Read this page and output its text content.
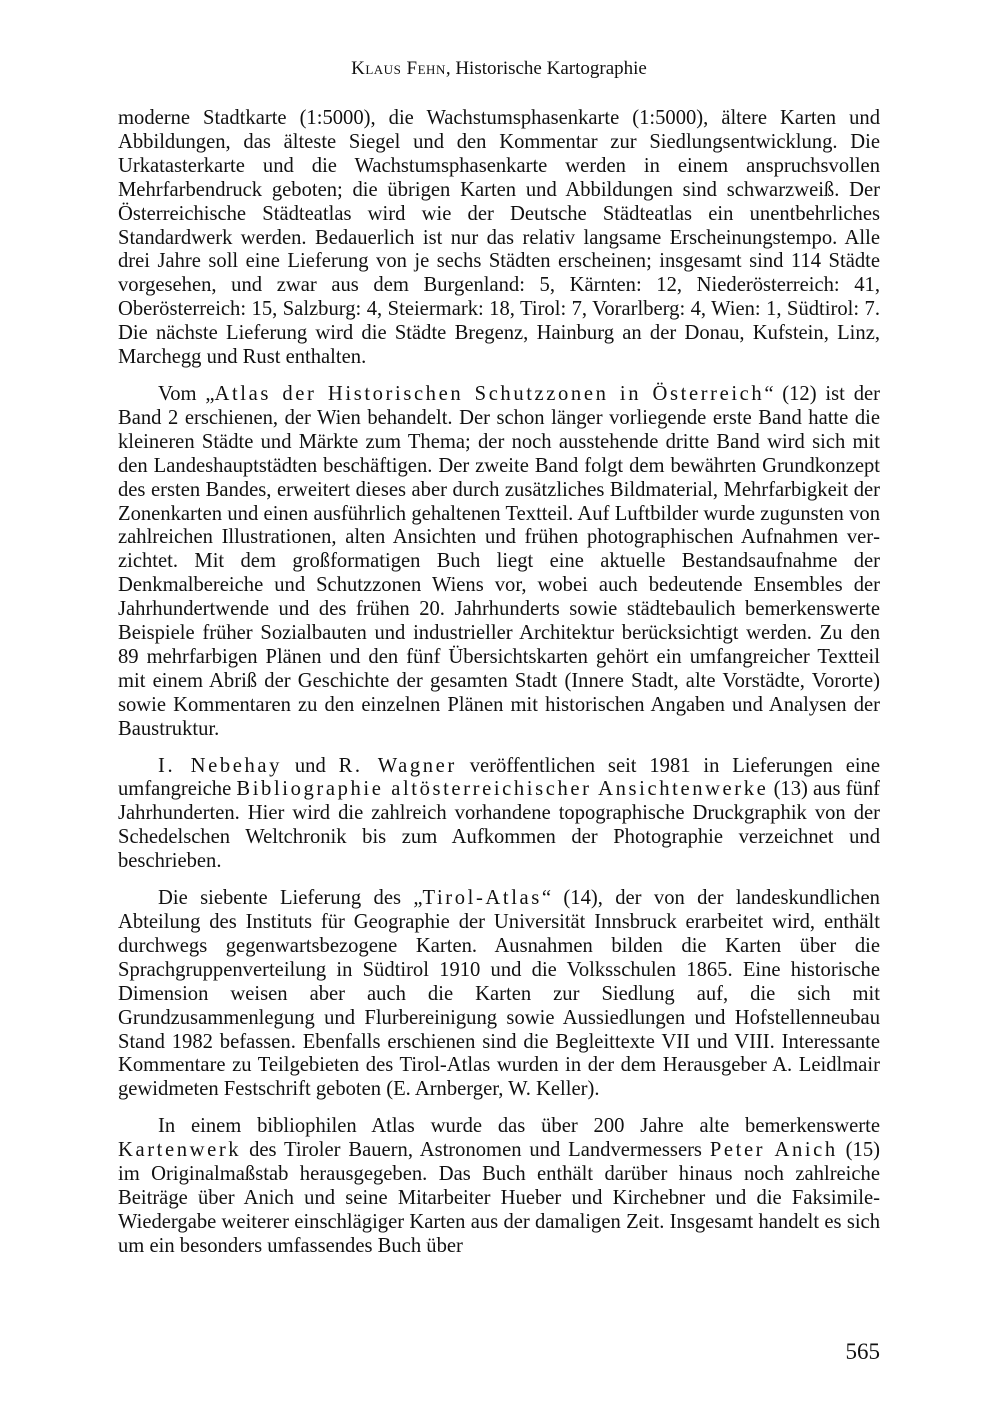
Klaus Fehn, Historische Kartographie

moderne Stadtkarte (1:5000), die Wachstumsphasenkarte (1:5000), ältere Karten und Abbildungen, das älteste Siegel und den Kommentar zur Siedlungsentwicklung. Die Urkatasterkarte und die Wachstumsphasenkarte werden in einem anspruchsvollen Mehrfarbendruck geboten; die übrigen Karten und Abbildungen sind schwarzweiß. Der Österreichische Städteatlas wird wie der Deutsche Städteatlas ein unentbehrliches Standardwerk werden. Bedauerlich ist nur das relativ langsame Erscheinungstempo. Alle drei Jahre soll eine Lieferung von je sechs Städten erscheinen; insgesamt sind 114 Städte vorgesehen, und zwar aus dem Burgenland: 5, Kärnten: 12, Niederösterreich: 41, Oberösterreich: 15, Salzburg: 4, Steiermark: 18, Tirol: 7, Vorarlberg: 4, Wien: 1, Südtirol: 7. Die nächste Lieferung wird die Städte Bregenz, Hainburg an der Donau, Kufstein, Linz, Marchegg und Rust enthalten.

Vom „Atlas der Historischen Schutzzonen in Österreich“ (12) ist der Band 2 erschienen, der Wien behandelt. Der schon länger vorliegende erste Band hatte die kleineren Städte und Märkte zum Thema; der noch ausstehende dritte Band wird sich mit den Landeshauptstädten beschäftigen. Der zweite Band folgt dem bewährten Grundkonzept des ersten Bandes, erweitert dieses aber durch zusätzliches Bildmaterial, Mehrfarbigkeit der Zonenkarten und einen ausführlich gehaltenen Textteil. Auf Luftbilder wurde zugunsten von zahlreichen Illustrationen, alten Ansichten und frühen photographischen Aufnahmen verzichtet. Mit dem großformatigen Buch liegt eine aktuelle Bestandsaufnahme der Denkmalbereiche und Schutzzonen Wiens vor, wobei auch bedeutende Ensembles der Jahrhundertwende und des frühen 20. Jahrhunderts sowie städtebaulich bemerkenswerte Beispiele früher Sozialbauten und industrieller Architektur berücksichtigt werden. Zu den 89 mehrfarbigen Plänen und den fünf Übersichtskarten gehört ein umfangreicher Textteil mit einem Abriß der Geschichte der gesamten Stadt (Innere Stadt, alte Vorstädte, Vororte) sowie Kommentaren zu den einzelnen Plänen mit historischen Angaben und Analysen der Baustruktur.

I. Nebehay und R. Wagner veröffentlichen seit 1981 in Lieferungen eine umfangreiche Bibliographie altösterreichischer Ansichtenwerke (13) aus fünf Jahrhunderten. Hier wird die zahlreich vorhandene topographische Druckgraphik von der Schedelschen Weltchronik bis zum Aufkommen der Photographie verzeichnet und beschrieben.

Die siebente Lieferung des „Tirol-Atlas“ (14), der von der landeskundlichen Abteilung des Instituts für Geographie der Universität Innsbruck erarbeitet wird, enthält durchwegs gegenwartsbezogene Karten. Ausnahmen bilden die Karten über die Sprachgruppenverteilung in Südtirol 1910 und die Volksschulen 1865. Eine historische Dimension weisen aber auch die Karten zur Siedlung auf, die sich mit Grundzusammenlegung und Flurbereinigung sowie Aussiedlungen und Hofstellenneubau Stand 1982 befassen. Ebenfalls erschienen sind die Begleittexte VII und VIII. Interessante Kommentare zu Teilgebieten des Tirol-Atlas wurden in der dem Herausgeber A. Leidlmair gewidmeten Festschrift geboten (E. Arnberger, W. Keller).

In einem bibliophilen Atlas wurde das über 200 Jahre alte bemerkenswerte Kartenwerk des Tiroler Bauern, Astronomen und Landvermessers Peter Anich (15) im Originalmaßstab herausgegeben. Das Buch enthält darüber hinaus noch zahlreiche Beiträge über Anich und seine Mitarbeiter Hueber und Kirchebner und die Faksimile-Wiedergabe weiterer einschlägiger Karten aus der damaligen Zeit. Insgesamt handelt es sich um ein besonders umfassendes Buch über

565
